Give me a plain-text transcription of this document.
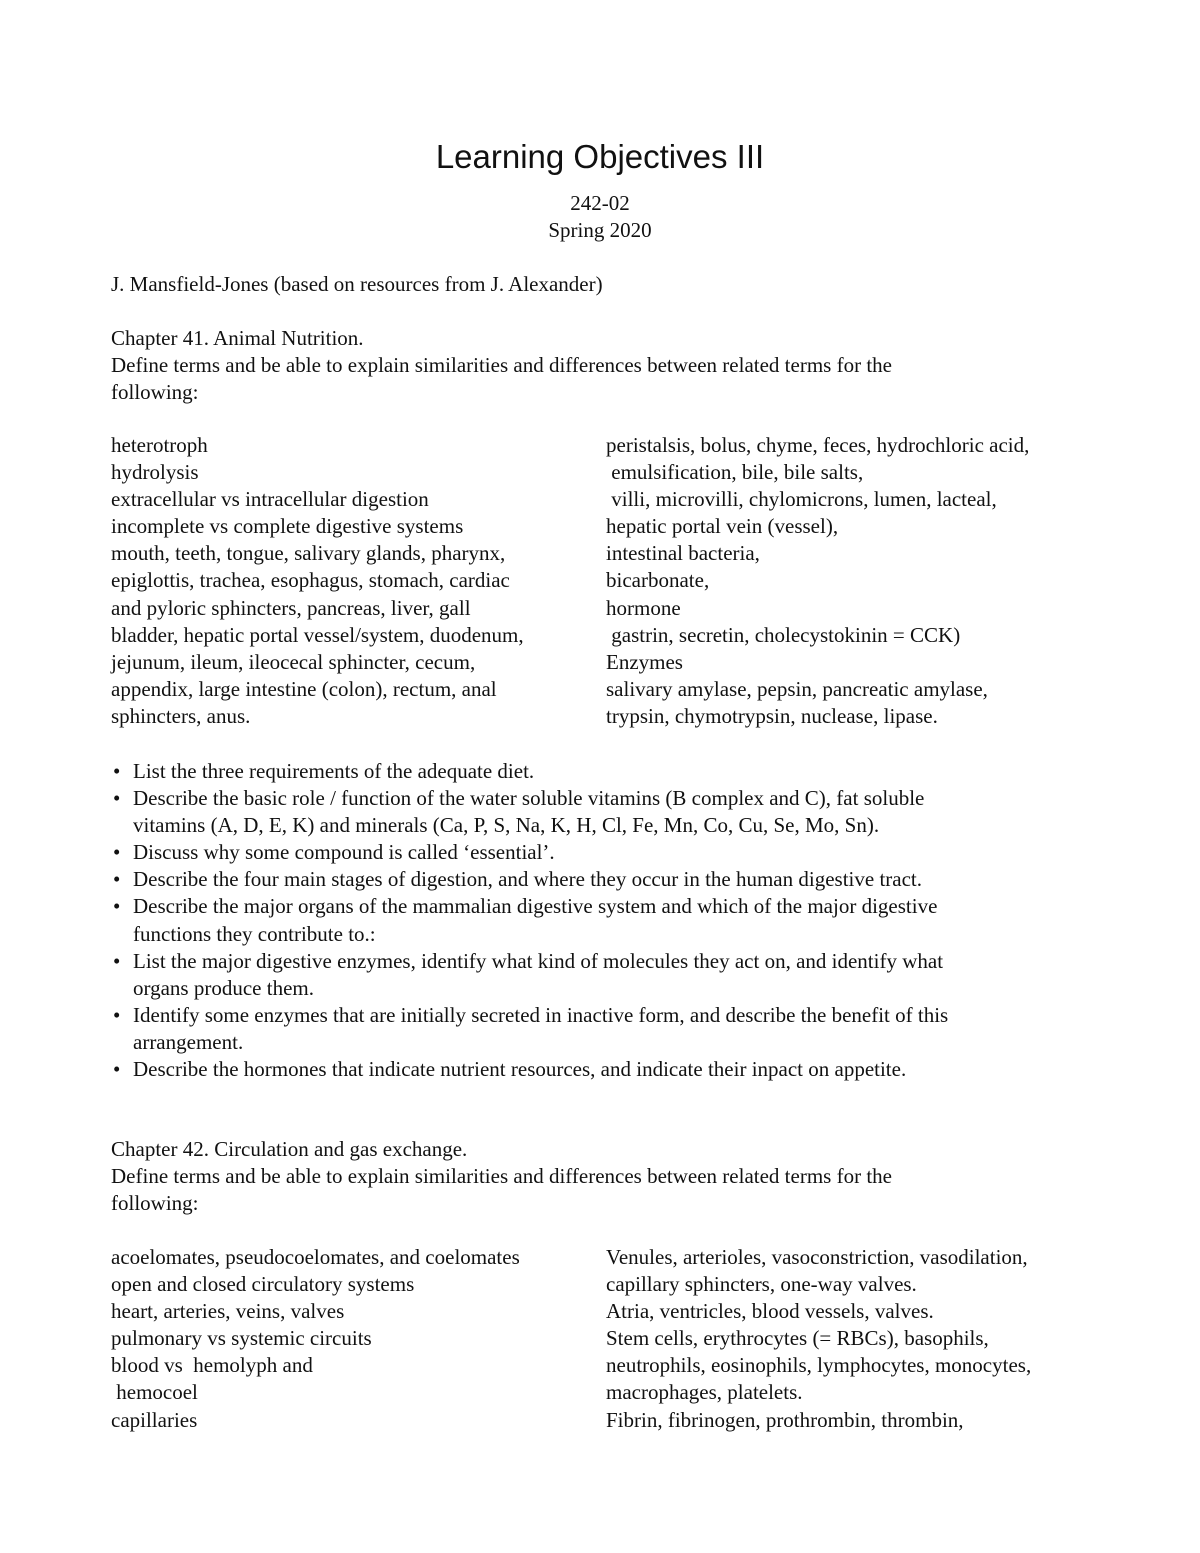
Learning Objectives III
242-02
Spring 2020
J. Mansfield-Jones (based on resources from J. Alexander)
Chapter 41. Animal Nutrition.
Define terms and be able to explain similarities and differences between related terms for the
following:
heterotroph
hydrolysis
extracellular vs intracellular digestion
incomplete vs complete digestive systems
mouth, teeth, tongue, salivary glands, pharynx,
epiglottis, trachea, esophagus, stomach, cardiac
and pyloric sphincters, pancreas, liver, gall
bladder, hepatic portal vessel/system, duodenum,
jejunum, ileum, ileocecal sphincter, cecum,
appendix, large intestine (colon), rectum, anal
sphincters, anus.
peristalsis, bolus, chyme, feces, hydrochloric acid,
emulsification, bile, bile salts,
villi, microvilli, chylomicrons, lumen, lacteal,
hepatic portal vein (vessel),
intestinal bacteria,
bicarbonate,
hormone
gastrin, secretin, cholecystokinin = CCK)
Enzymes
salivary amylase, pepsin, pancreatic amylase,
trypsin, chymotrypsin, nuclease, lipase.
• List the three requirements of the adequate diet.
• Describe the basic role / function of the water soluble vitamins (B complex and C), fat soluble
vitamins (A, D, E, K) and minerals (Ca, P, S, Na, K, H, Cl, Fe, Mn, Co, Cu, Se, Mo, Sn).
• Discuss why some compound is called ‘essential’.
• Describe the four main stages of digestion, and where they occur in the human digestive tract.
• Describe the major organs of the mammalian digestive system and which of the major digestive
functions they contribute to.:
• List the major digestive enzymes, identify what kind of molecules they act on, and identify what
organs produce them.
• Identify some enzymes that are initially secreted in inactive form, and describe the benefit of this
arrangement.
• Describe the hormones that indicate nutrient resources, and indicate their inpact on appetite.
Chapter 42. Circulation and gas exchange.
Define terms and be able to explain similarities and differences between related terms for the
following:
acoelomates, pseudocoelomates, and coelomates
open and closed circulatory systems
heart, arteries, veins, valves
pulmonary vs systemic circuits
blood vs  hemolyph and
hemocoel
capillaries
Venules, arterioles, vasoconstriction, vasodilation,
capillary sphincters, one-way valves.
Atria, ventricles, blood vessels, valves.
Stem cells, erythrocytes (= RBCs), basophils,
neutrophils, eosinophils, lymphocytes, monocytes,
macrophages, platelets.
Fibrin, fibrinogen, prothrombin, thrombin,
